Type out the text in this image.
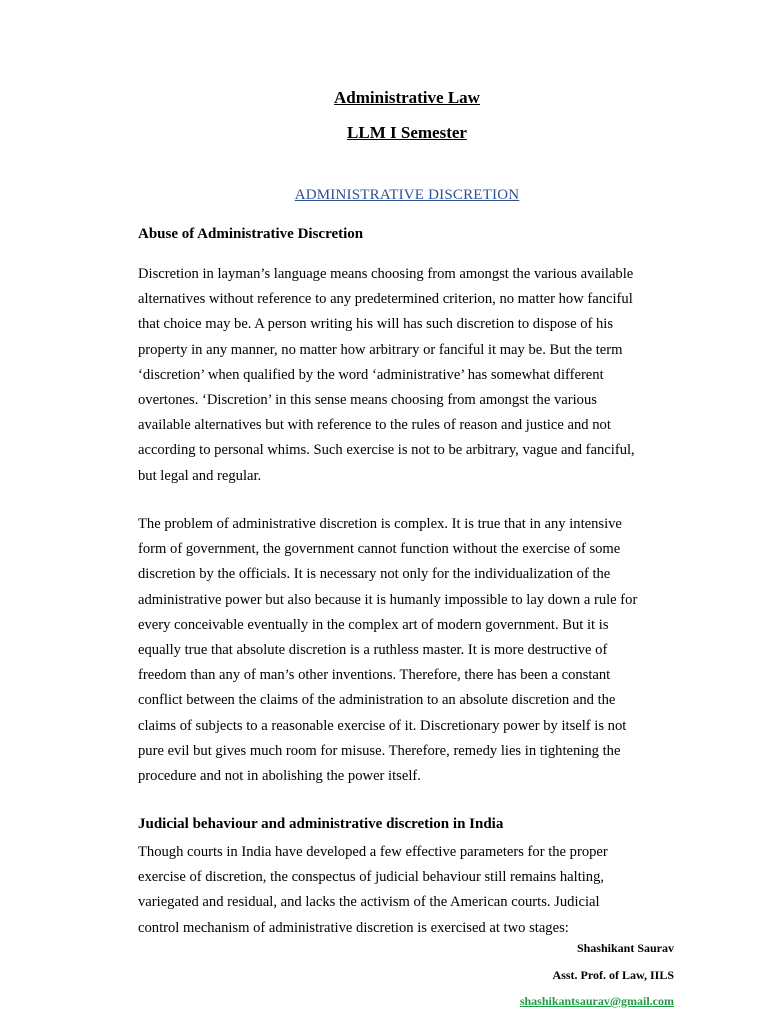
Administrative Law
LLM I Semester
ADMINISTRATIVE DISCRETION
Abuse of Administrative Discretion
Discretion in layman’s language means choosing from amongst the various available
alternatives without reference to any predetermined criterion, no matter how fanciful
that choice may be. A person writing his will has such discretion to dispose of his
property in any manner, no matter how arbitrary or fanciful it may be. But the term
‘discretion’ when qualified by the word ‘administrative’ has somewhat different
overtones. ‘Discretion’ in this sense means choosing from amongst the various
available alternatives but with reference to the rules of reason and justice and not
according to personal whims. Such exercise is not to be arbitrary, vague and fanciful,
but legal and regular.
The problem of administrative discretion is complex. It is true that in any intensive
form of government, the government cannot function without the exercise of some
discretion by the officials. It is necessary not only for the individualization of the
administrative power but also because it is humanly impossible to lay down a rule for
every conceivable eventually in the complex art of modern government. But it is
equally true that absolute discretion is a ruthless master. It is more destructive of
freedom than any of man’s other inventions. Therefore, there has been a constant
conflict between the claims of the administration to an absolute discretion and the
claims of subjects to a reasonable exercise of it. Discretionary power by itself is not
pure evil but gives much room for misuse. Therefore, remedy lies in tightening the
procedure and not in abolishing the power itself.
Judicial behaviour and administrative discretion in India
Though courts in India have developed a few effective parameters for the proper
exercise of discretion, the conspectus of judicial behaviour still remains halting,
variegated and residual, and lacks the activism of the American courts. Judicial
control mechanism of administrative discretion is exercised at two stages:
Shashikant Saurav
Asst. Prof. of Law, IILS
shashikantsaurav@gmail.com
